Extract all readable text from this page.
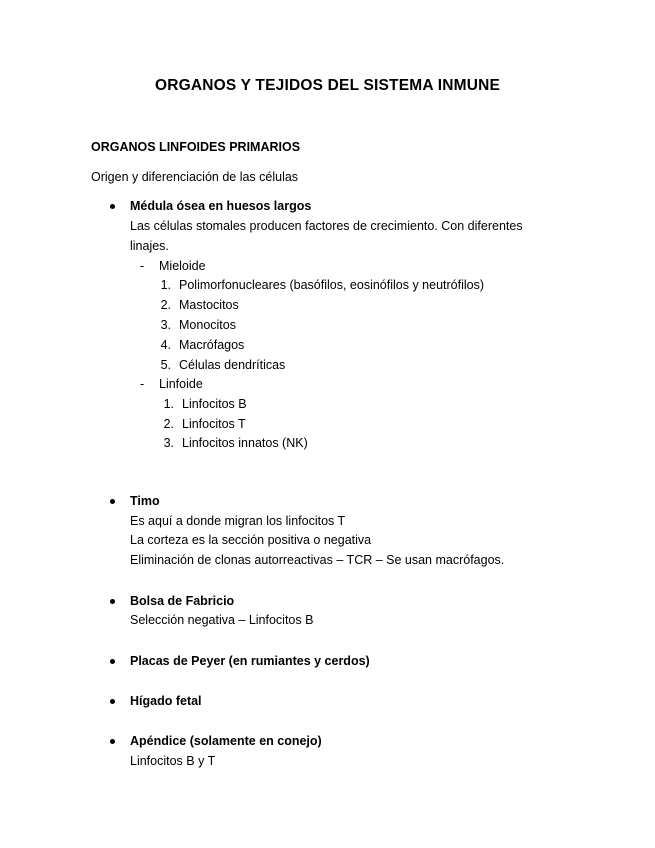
ORGANOS Y TEJIDOS DEL SISTEMA INMUNE
ORGANOS LINFOIDES PRIMARIOS
Origen y diferenciación de las células
Médula ósea en huesos largos
Las células stomales producen factores de crecimiento. Con diferentes
linajes.
- Mieloide
1. Polimorfonucleares (basófilos, eosinófilos y neutrófilos)
2. Mastocitos
3. Monocitos
4. Macrófagos
5. Células dendríticas
- Linfoide
1. Linfocitos B
2. Linfocitos T
3. Linfocitos innatos (NK)
Timo
Es aquí a donde migran los linfocitos T
La corteza es la sección positiva o negativa
Eliminación de clonas autorreactivas – TCR – Se usan macrófagos.
Bolsa de Fabricio
Selección negativa – Linfocitos B
Placas de Peyer (en rumiantes y cerdos)
Hígado fetal
Apéndice (solamente en conejo)
Linfocitos B y T
